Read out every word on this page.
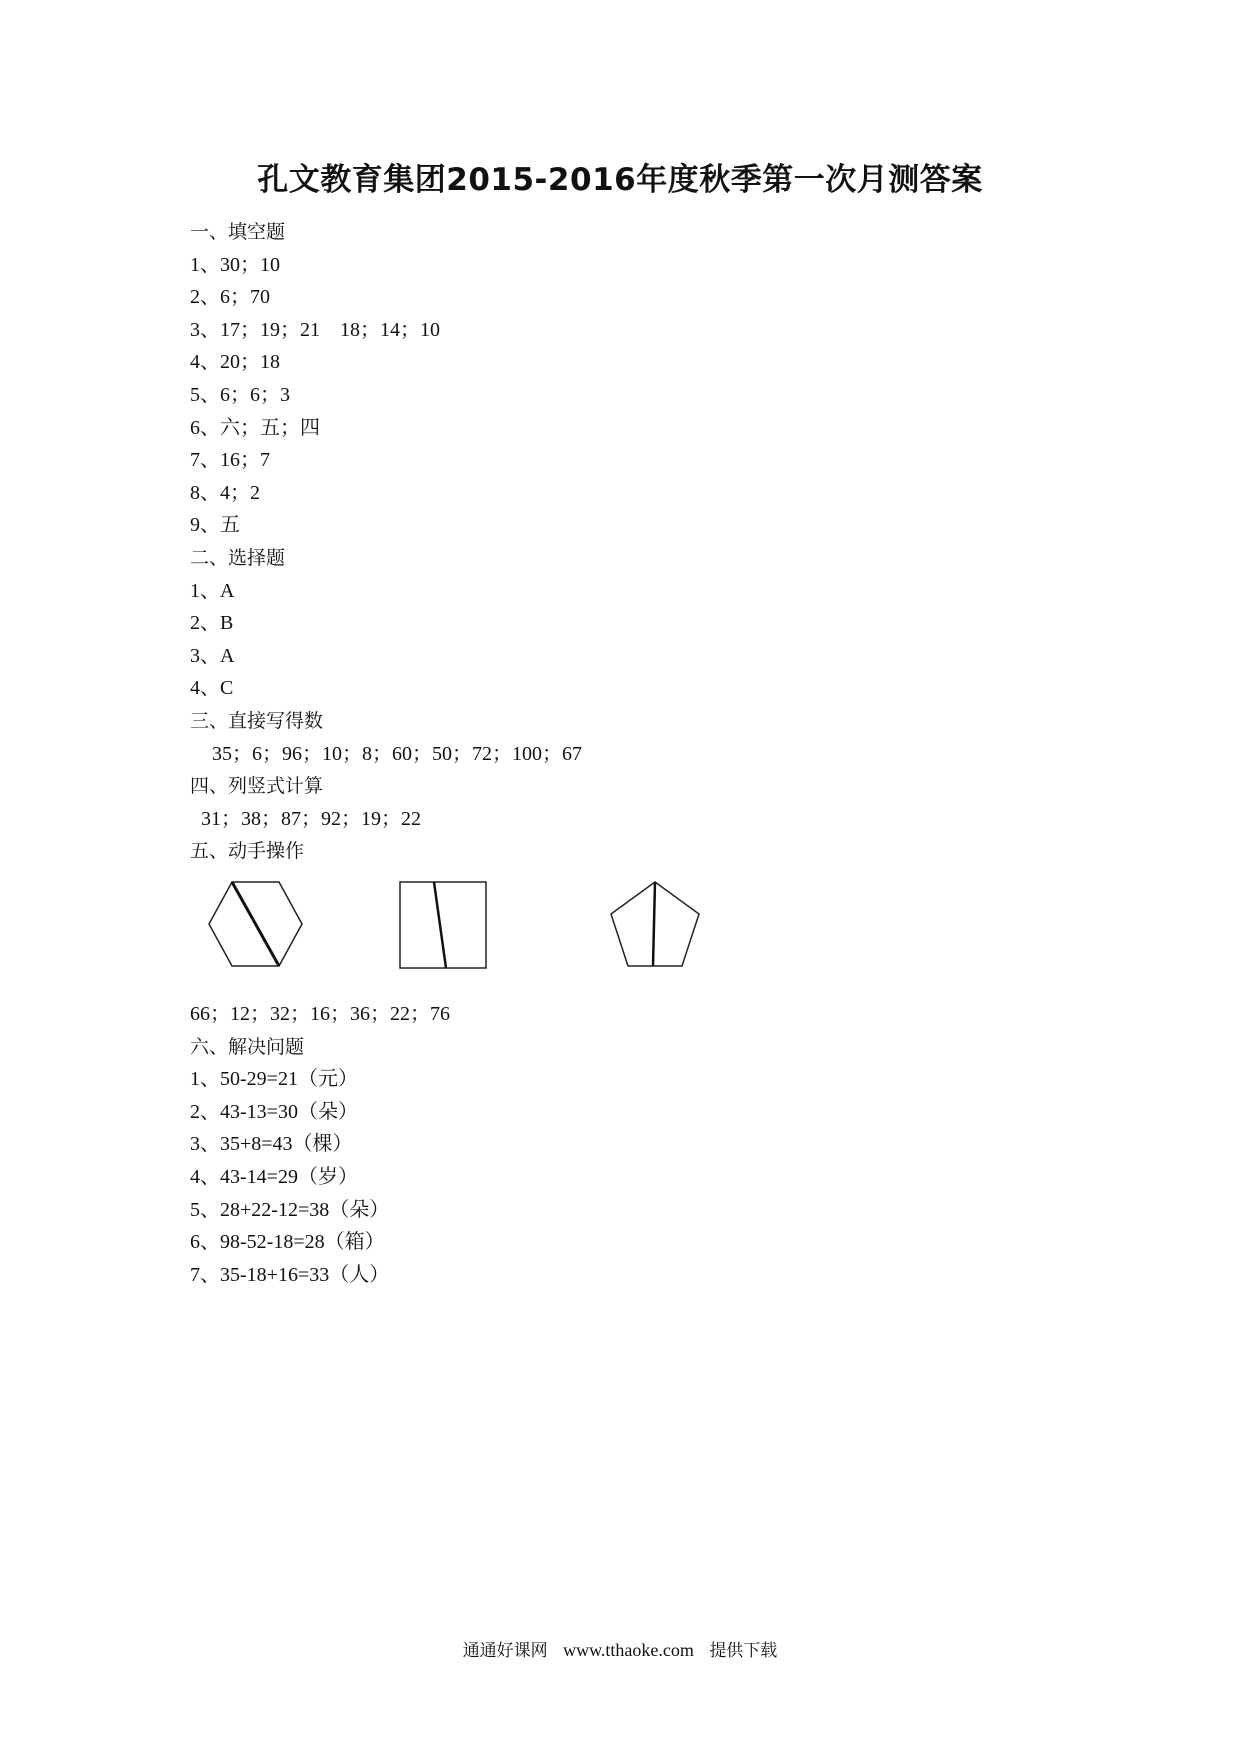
孔文教育集团2015-2016年度秋季第一次月测答案
一、填空题
1、30；10
2、6；70
3、17；19；21    18；14；10
4、20；18
5、6；6；3
6、六；五；四
7、16；7
8、4；2
9、五
二、选择题
1、A
2、B
3、A
4、C
三、直接写得数
35；6；96；10；8；60；50；72；100；67
四、列竖式计算
31；38；87；92；19；22
五、动手操作
66；12；32；16；36；22；76
六、解决问题
1、50-29=21（元）
2、43-13=30（朵）
3、35+8=43（棵）
4、43-14=29（岁）
5、28+22-12=38（朵）
6、98-52-18=28（箱）
7、35-18+16=33（人）
通通好课网 www.tthaoke.com 提供下载
